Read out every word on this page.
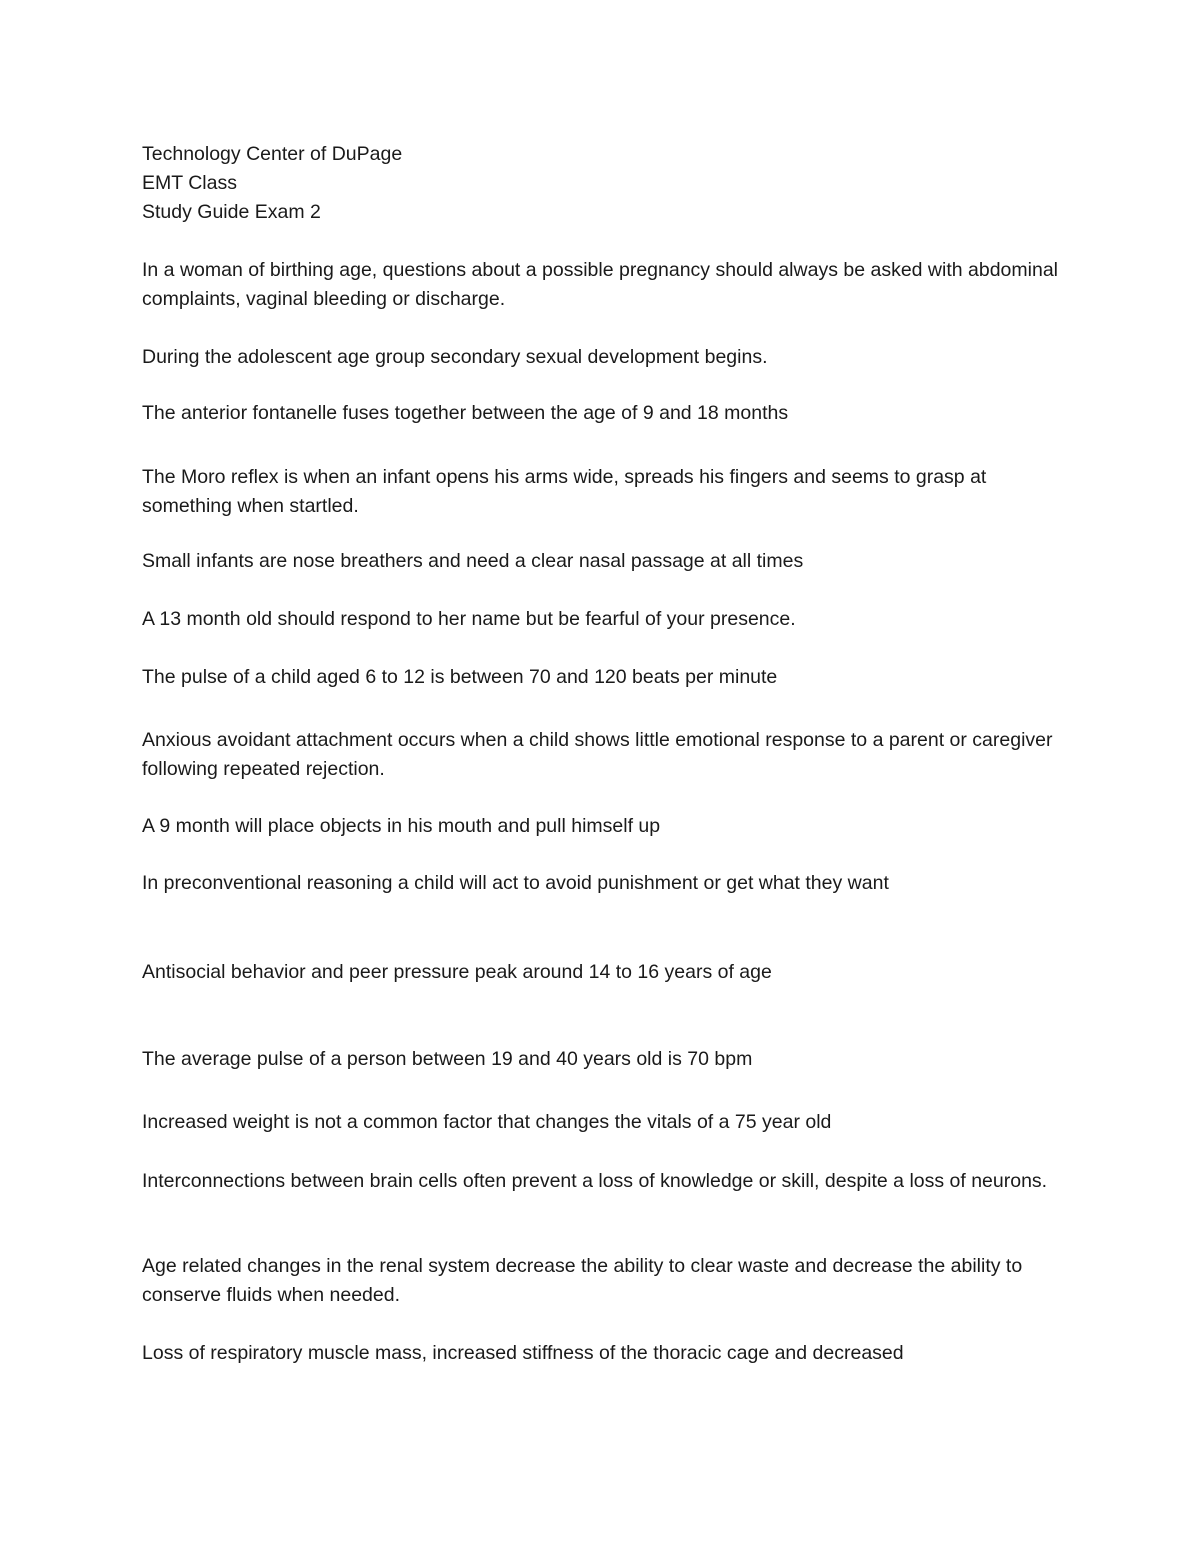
Technology Center of DuPage

EMT Class

Study Guide Exam 2

In a woman of birthing age, questions about a possible pregnancy should always be asked with abdominal complaints, vaginal bleeding or discharge.

During the adolescent age group secondary sexual development begins.

The anterior fontanelle fuses together between the age of 9 and 18 months

The Moro reflex is when an infant opens his arms wide, spreads his fingers and seems to grasp at something when startled.

Small infants are nose breathers and need a clear nasal passage at all times

A 13 month old should respond to her name but be fearful of your presence.

The pulse of a child aged 6 to 12 is between 70 and 120 beats per minute

Anxious avoidant attachment occurs when a child shows little emotional response to a parent or caregiver following repeated rejection.

A 9 month will place objects in his mouth and pull himself up

In preconventional reasoning a child will act to avoid punishment or get what they want

Antisocial behavior and peer pressure peak around 14 to 16 years of age

The average pulse of a person between 19 and 40 years old is 70 bpm

Increased weight is not a common factor that changes the vitals of a 75 year old

Interconnections between brain cells often prevent a loss of knowledge or skill, despite a loss of neurons.

Age related changes in the renal system decrease the ability to clear waste and decrease the ability to conserve fluids when needed.

Loss of respiratory muscle mass, increased stiffness of the thoracic cage and decreased
